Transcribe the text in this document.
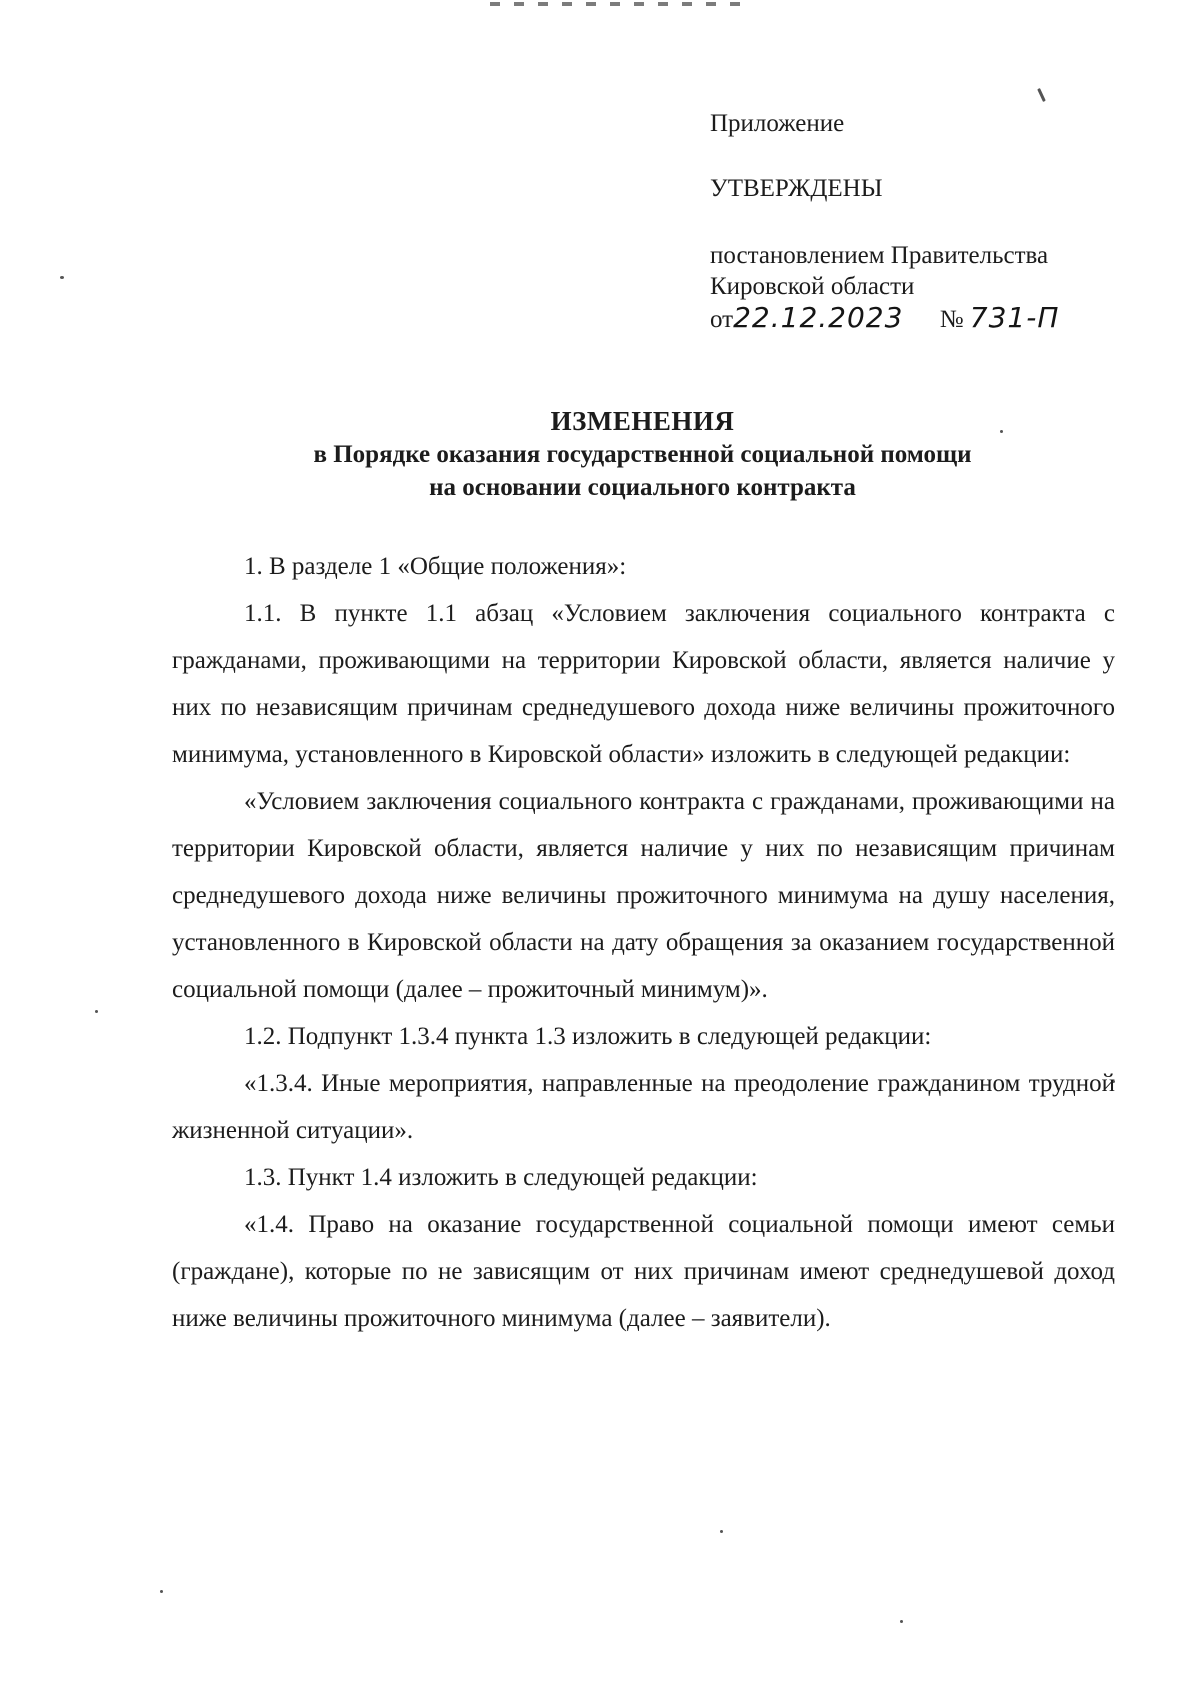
Приложение
УТВЕРЖДЕНЫ
постановлением Правительства
Кировской области
от22.12.2023 № 731-П
ИЗМЕНЕНИЯ
в Порядке оказания государственной социальной помощи
на основании социального контракта

1. В разделе 1 «Общие положения»:

1.1. В пункте 1.1 абзац «Условием заключения социального контракта с гражданами, проживающими на территории Кировской области, является наличие у них по независящим причинам среднедушевого дохода ниже величины прожиточного минимума, установленного в Кировской области» изложить в следующей редакции:

«Условием заключения социального контракта с гражданами, проживающими на территории Кировской области, является наличие у них по независящим причинам среднедушевого дохода ниже величины прожиточного минимума на душу населения, установленного в Кировской области на дату обращения за оказанием государственной социальной помощи (далее – прожиточный минимум)».

1.2. Подпункт 1.3.4 пункта 1.3 изложить в следующей редакции:

«1.3.4. Иные мероприятия, направленные на преодоление гражданином трудной жизненной ситуации».

1.3. Пункт 1.4 изложить в следующей редакции:

«1.4. Право на оказание государственной социальной помощи имеют семьи (граждане), которые по не зависящим от них причинам имеют среднедушевой доход ниже величины прожиточного минимума (далее – заявители).
